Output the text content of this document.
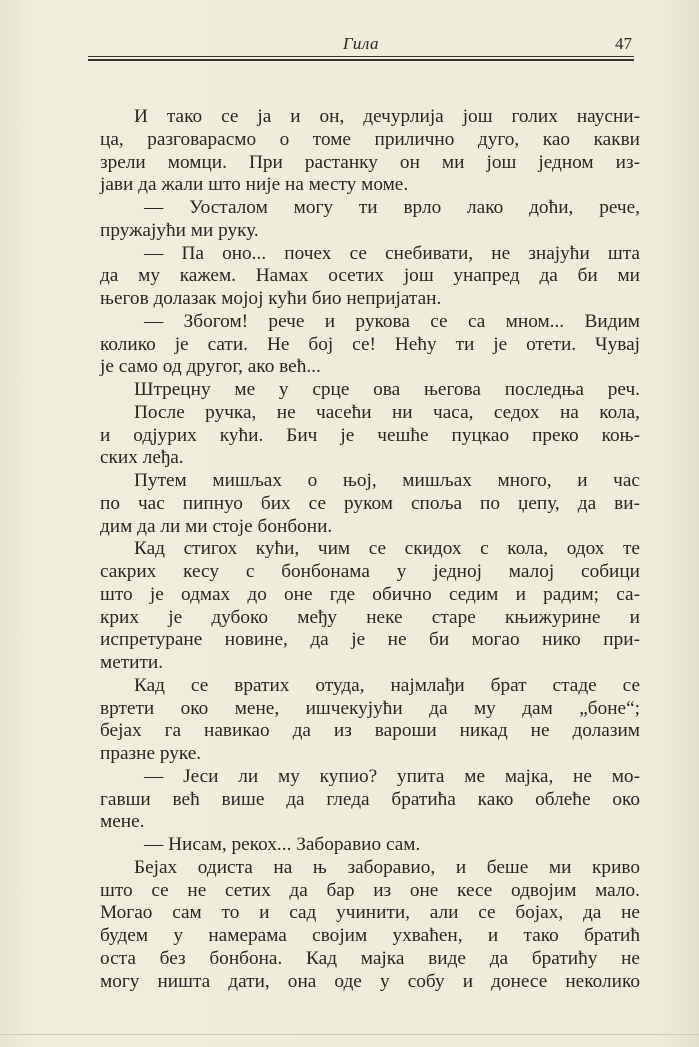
Гила	47
И тако се ја и он, дечурлија још голих наусни-
ца, разговарасмо о томе прилично дуго, као какви
зрели момци. При растанку он ми још једном из-
јави да жали што није на месту моме.
— Уосталом могу ти врло лако доћи, рече,
пружајући ми руку.
— Па оно... почех се снебивати, не знајући шта
да му кажем. Намах осетих још унапред да би ми
његов долазак мојој кући био непријатан.
— Збогом! рече и рукова се са мном... Видим
колико је сати. Не бој се! Нећу ти је отети. Чувај
је само од другог, ако већ...
Штрецну ме у срце ова његова последња реч.
После ручка, не часећи ни часа, седох на кола,
и одјурих кући. Бич је чешће пуцкао преко коњ-
ских леђа.
Путем мишљах о њој, мишљах много, и час
по час пипнуо бих се руком споља по џепу, да ви-
дим да ли ми стоје бонбони.
Кад стигох кући, чим се скидох с кола, одох те
сакрих кесу с бонбонама у једној малој собици
што је одмах до оне где обично седим и радим; са-
крих је дубоко међу неке старе књижурине и
испретуране новине, да је не би могао нико при-
метити.
Кад се вратих отуда, најмлађи брат стаде се
вртети око мене, ишчекујући да му дам „боне“;
бејах га навикао да из вароши никад не долазим
празне руке.
— Јеси ли му купио? упита ме мајка, не мо-
гавши већ више да гледа братића како облеће око
мене.
— Нисам, рекох... Заборавио сам.
Бејах одиста на њ заборавио, и беше ми криво
што се не сетих да бар из оне кесе одвојим мало.
Могао сам то и сад учинити, али се бојах, да не
будем у намерама својим ухваћен, и тако братић
оста без бонбона. Кад мајка виде да братићу не
могу ништа дати, она оде у собу и донесе неколико
